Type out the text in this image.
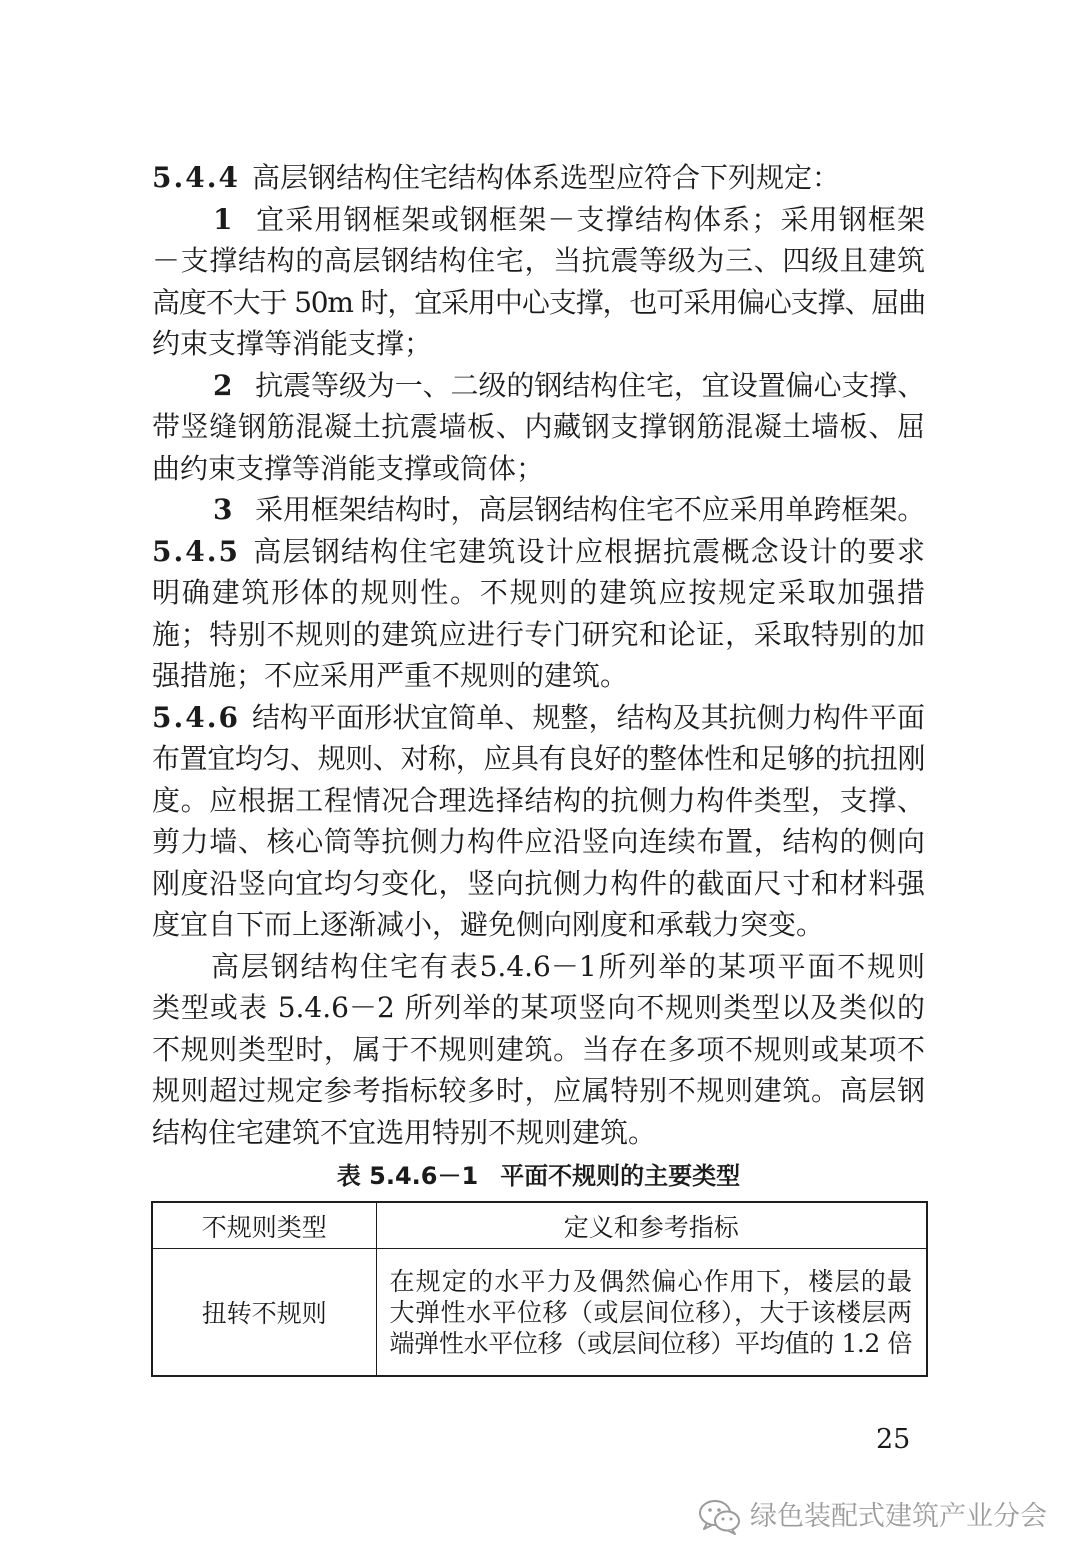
5.4.4 高层钢结构住宅结构体系选型应符合下列规定：
1 宜采用钢框架或钢框架－支撑结构体系；采用钢框架
－支撑结构的高层钢结构住宅，当抗震等级为三、四级且建筑
高度不大于 50m 时，宜采用中心支撑，也可采用偏心支撑、屈曲
约束支撑等消能支撑；
2 抗震等级为一、二级的钢结构住宅，宜设置偏心支撑、
带竖缝钢筋混凝土抗震墙板、内藏钢支撑钢筋混凝土墙板、屈
曲约束支撑等消能支撑或筒体；
3 采用框架结构时，高层钢结构住宅不应采用单跨框架。
5.4.5 高层钢结构住宅建筑设计应根据抗震概念设计的要求
明确建筑形体的规则性。不规则的建筑应按规定采取加强措
施；特别不规则的建筑应进行专门研究和论证，采取特别的加
强措施；不应采用严重不规则的建筑。
5.4.6 结构平面形状宜简单、规整，结构及其抗侧力构件平面
布置宜均匀、规则、对称，应具有良好的整体性和足够的抗扭刚
度。应根据工程情况合理选择结构的抗侧力构件类型，支撑、
剪力墙、核心筒等抗侧力构件应沿竖向连续布置，结构的侧向
刚度沿竖向宜均匀变化，竖向抗侧力构件的截面尺寸和材料强
度宜自下而上逐渐减小，避免侧向刚度和承载力突变。
高层钢结构住宅有表5.4.6－1所列举的某项平面不规则
类型或表 5.4.6－2 所列举的某项竖向不规则类型以及类似的
不规则类型时，属于不规则建筑。当存在多项不规则或某项不
规则超过规定参考指标较多时，应属特别不规则建筑。高层钢
结构住宅建筑不宜选用特别不规则建筑。
表 5.4.6－1 平面不规则的主要类型
不规则类型	定义和参考指标
扭转不规则	在规定的水平力及偶然偏心作用下，楼层的最
大弹性水平位移（或层间位移），大于该楼层两
端弹性水平位移（或层间位移）平均值的 1.2 倍
25
绿色装配式建筑产业分会
